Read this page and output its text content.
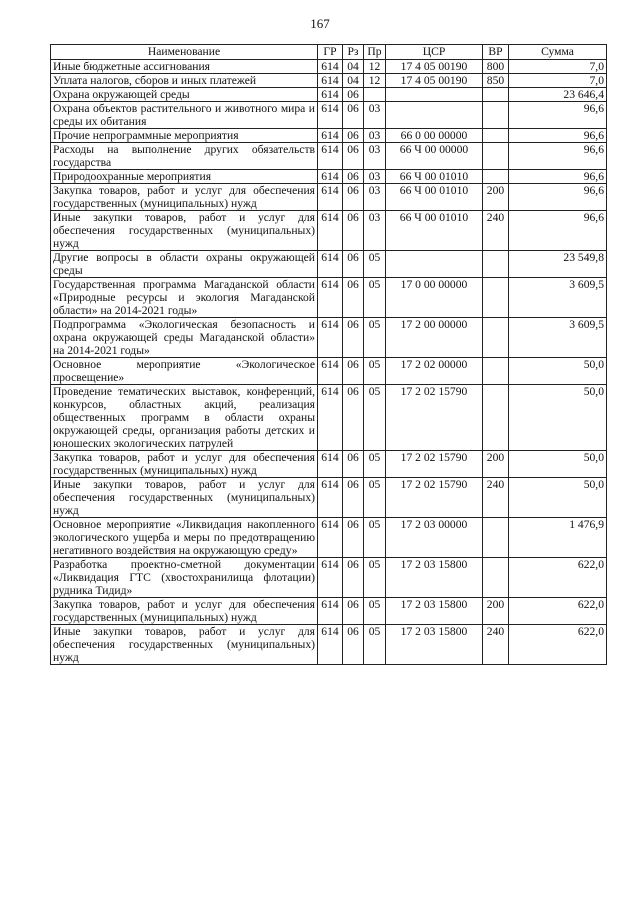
167
Наименование	ГР	Рз	Пр	ЦСР	ВР	Сумма
Иные бюджетные ассигнования	614	04	12	17 4 05 00190	800	7,0
Уплата налогов, сборов и иных платежей	614	04	12	17 4 05 00190	850	7,0
Охрана окружающей среды	614	06				23 646,4
Охрана объектов растительного и животного мира и среды их обитания	614	06	03			96,6
Прочие непрограммные мероприятия	614	06	03	66 0 00 00000		96,6
Расходы на выполнение других обязательств государства	614	06	03	66 Ч 00 00000		96,6
Природоохранные мероприятия	614	06	03	66 Ч 00 01010		96,6
Закупка товаров, работ и услуг для обеспечения государственных (муниципальных) нужд	614	06	03	66 Ч 00 01010	200	96,6
Иные закупки товаров, работ и услуг для обеспечения государственных (муниципальных) нужд	614	06	03	66 Ч 00 01010	240	96,6
Другие вопросы в области охраны окружающей среды	614	06	05			23 549,8
Государственная программа Магаданской области «Природные ресурсы и экология Магаданской области» на 2014-2021 годы»	614	06	05	17 0 00 00000		3 609,5
Подпрограмма «Экологическая безопасность и охрана окружающей среды Магаданской области» на 2014-2021 годы»	614	06	05	17 2 00 00000		3 609,5
Основное мероприятие «Экологическое просвещение»	614	06	05	17 2 02 00000		50,0
Проведение тематических выставок, конференций, конкурсов, областных акций, реализация общественных программ в области охраны окружающей среды, организация работы детских и юношеских экологических патрулей	614	06	05	17 2 02 15790		50,0
Закупка товаров, работ и услуг для обеспечения государственных (муниципальных) нужд	614	06	05	17 2 02 15790	200	50,0
Иные закупки товаров, работ и услуг для обеспечения государственных (муниципальных) нужд	614	06	05	17 2 02 15790	240	50,0
Основное мероприятие «Ликвидация накопленного экологического ущерба и меры по предотвращению негативного воздействия на окружающую среду»	614	06	05	17 2 03 00000		1 476,9
Разработка проектно-сметной документации «Ликвидация ГТС (хвостохранилища флотации) рудника Тидид»	614	06	05	17 2 03 15800		622,0
Закупка товаров, работ и услуг для обеспечения государственных (муниципальных) нужд	614	06	05	17 2 03 15800	200	622,0
Иные закупки товаров, работ и услуг для обеспечения государственных (муниципальных) нужд	614	06	05	17 2 03 15800	240	622,0
